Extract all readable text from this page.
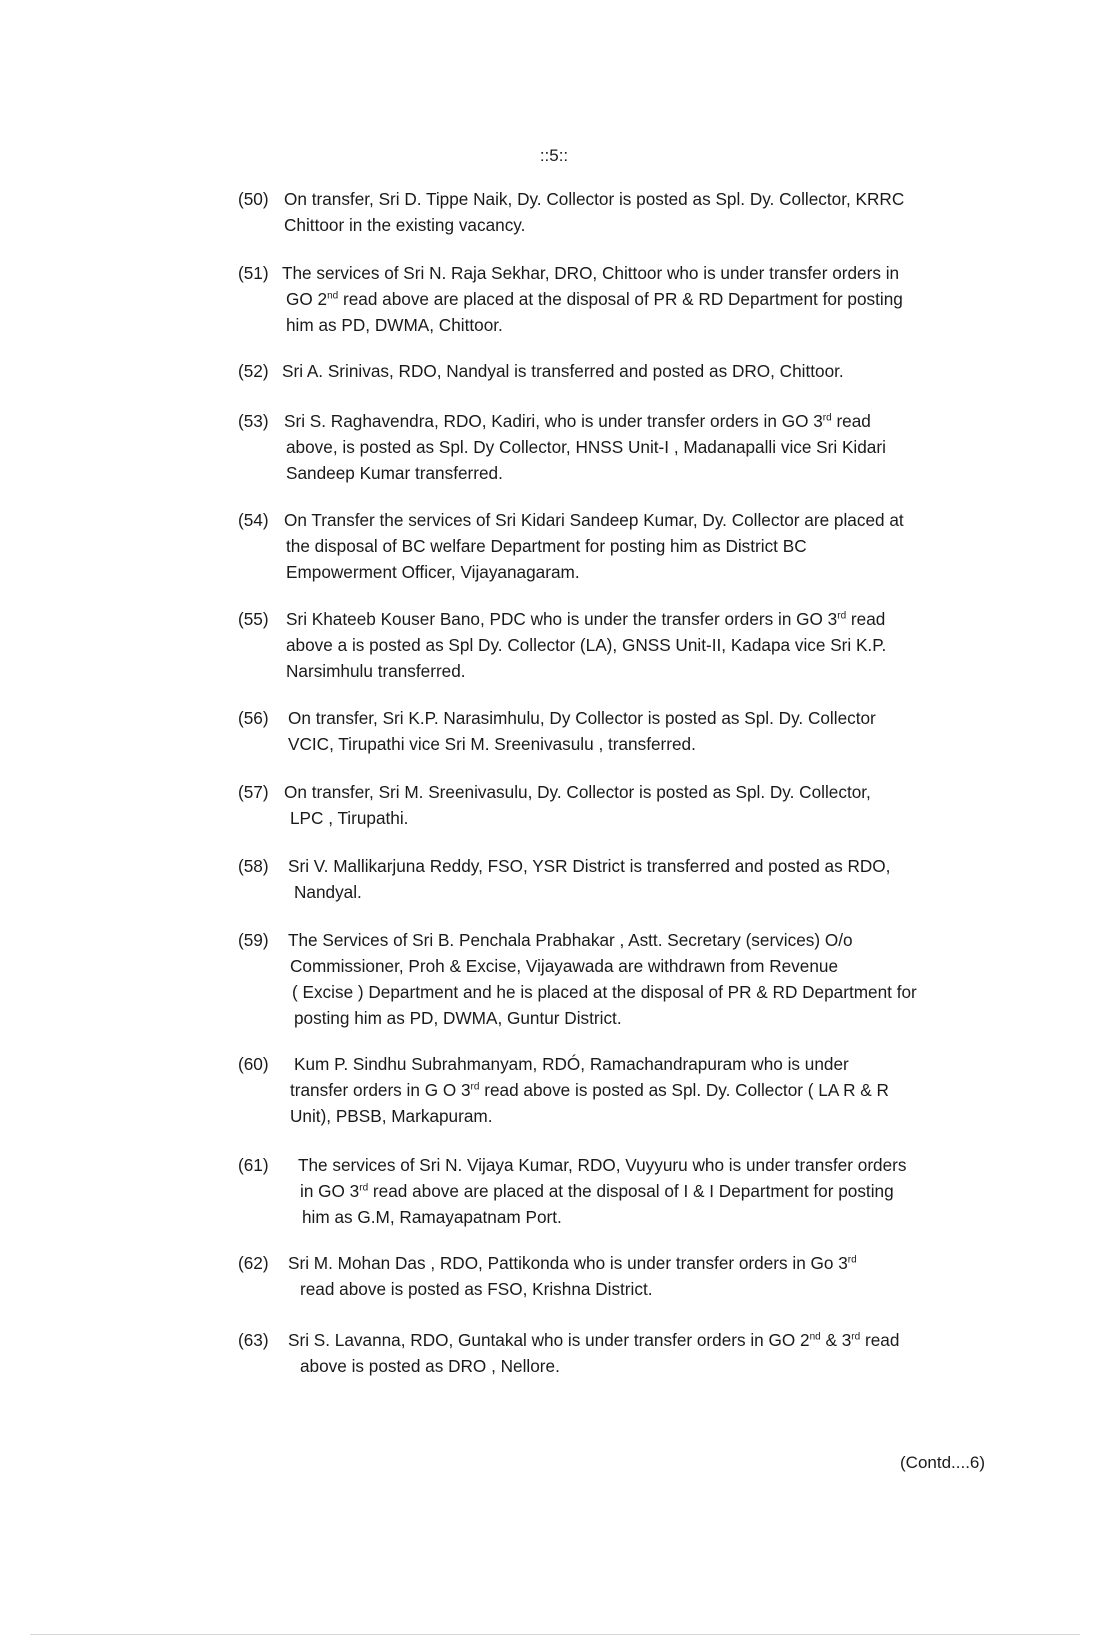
::5::
(50) On transfer, Sri D. Tippe Naik, Dy. Collector is posted as Spl. Dy. Collector, KRRC
Chittoor in the existing vacancy.
(51) The services of Sri N. Raja Sekhar, DRO, Chittoor who is under transfer orders in
GO 2nd read above are placed at the disposal of PR & RD Department for posting
him as PD, DWMA, Chittoor.
(52) Sri A. Srinivas, RDO, Nandyal is transferred and posted as DRO, Chittoor.
(53) Sri S. Raghavendra, RDO, Kadiri, who is under transfer orders in GO 3rd read
above, is posted as Spl. Dy Collector, HNSS Unit-I , Madanapalli vice Sri Kidari
Sandeep Kumar transferred.
(54) On Transfer the services of Sri Kidari Sandeep Kumar, Dy. Collector are placed at
the disposal of BC welfare Department for posting him as District BC
Empowerment Officer, Vijayanagaram.
(55)	Sri Khateeb Kouser Bano, PDC who is under the transfer orders in GO 3rd read
above a is posted as Spl Dy. Collector (LA), GNSS Unit-II, Kadapa vice Sri K.P.
Narsimhulu transferred.
(56)	On transfer, Sri K.P. Narasimhulu, Dy Collector is posted as Spl. Dy. Collector
VCIC, Tirupathi vice Sri M. Sreenivasulu , transferred.
(57) On transfer, Sri M. Sreenivasulu, Dy. Collector is posted as Spl. Dy. Collector,
LPC , Tirupathi.
(58)	Sri V. Mallikarjuna Reddy, FSO, YSR District is transferred and posted as RDO,
Nandyal.
(59)	The Services of Sri B. Penchala Prabhakar , Astt. Secretary (services) O/o
Commissioner, Proh & Excise, Vijayawada are withdrawn from Revenue
( Excise ) Department and he is placed at the disposal of PR & RD Department for
posting him as PD, DWMA, Guntur District.
(60)	Kum P. Sindhu Subrahmanyam, RDÓ, Ramachandrapuram who is under
transfer orders in G O 3rd read above is posted as Spl. Dy. Collector ( LA R & R
Unit), PBSB, Markapuram.
(61)	The services of Sri N. Vijaya Kumar, RDO, Vuyyuru who is under transfer orders
in GO 3rd read above are placed at the disposal of I & I Department for posting
him as G.M, Ramayapatnam Port.
(62)	Sri M. Mohan Das , RDO, Pattikonda who is under transfer orders in Go 3rd
read above is posted as FSO, Krishna District.
(63)	Sri S. Lavanna, RDO, Guntakal who is under transfer orders in GO 2nd & 3rd read
above is posted as DRO , Nellore.
(Contd....6)
